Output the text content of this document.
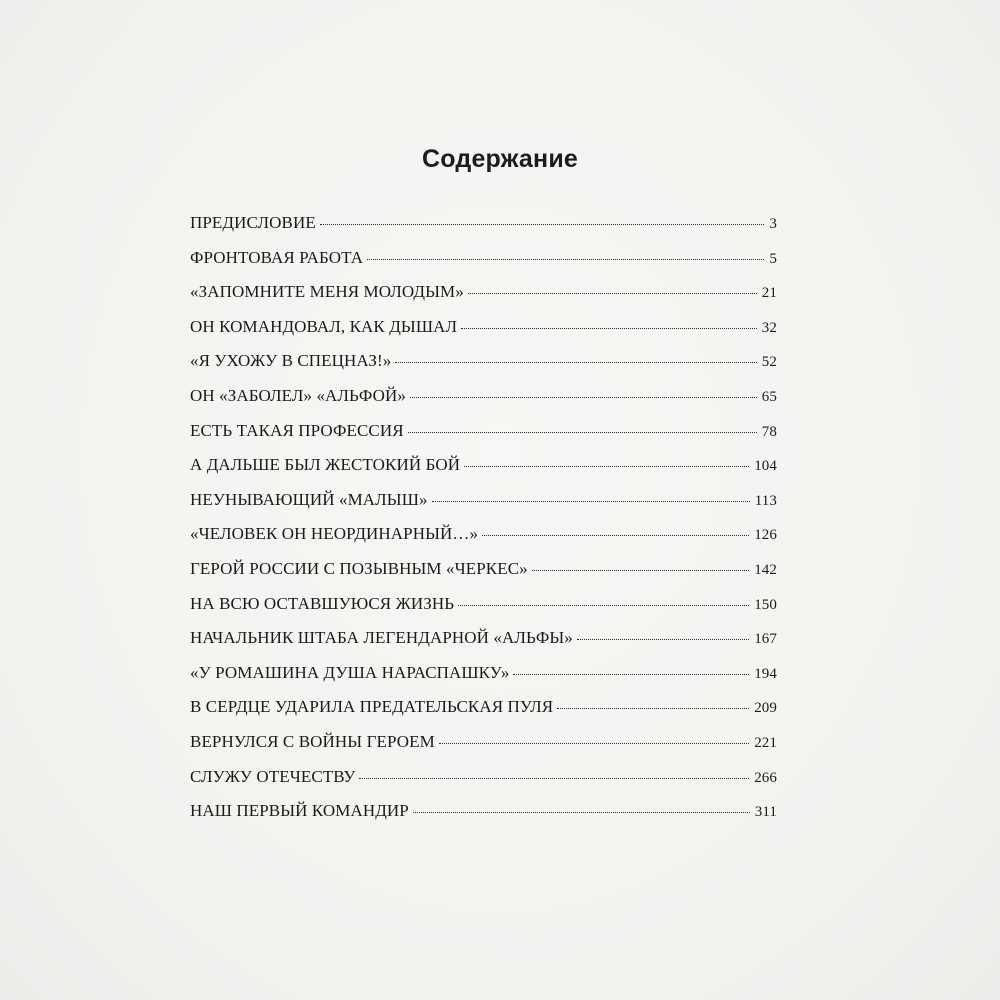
Содержание
ПРЕДИСЛОВИЕ	3
ФРОНТОВАЯ РАБОТА	5
«ЗАПОМНИТЕ МЕНЯ МОЛОДЫМ»	21
ОН КОМАНДОВАЛ, КАК ДЫШАЛ	32
«Я УХОЖУ В СПЕЦНАЗ!»	52
ОН «ЗАБОЛЕЛ» «АЛЬФОЙ»	65
ЕСТЬ ТАКАЯ ПРОФЕССИЯ	78
А ДАЛЬШЕ БЫЛ ЖЕСТОКИЙ БОЙ	104
НЕУНЫВАЮЩИЙ «МАЛЫШ»	113
«ЧЕЛОВЕК ОН НЕОРДИНАРНЫЙ…»	126
ГЕРОЙ РОССИИ С ПОЗЫВНЫМ «ЧЕРКЕС»	142
НА ВСЮ ОСТАВШУЮСЯ ЖИЗНЬ	150
НАЧАЛЬНИК ШТАБА ЛЕГЕНДАРНОЙ «АЛЬФЫ»	167
«У РОМАШИНА ДУША НАРАСПАШКУ»	194
В СЕРДЦЕ УДАРИЛА ПРЕДАТЕЛЬСКАЯ ПУЛЯ	209
ВЕРНУЛСЯ С ВОЙНЫ ГЕРОЕМ	221
СЛУЖУ ОТЕЧЕСТВУ	266
НАШ ПЕРВЫЙ КОМАНДИР	311
